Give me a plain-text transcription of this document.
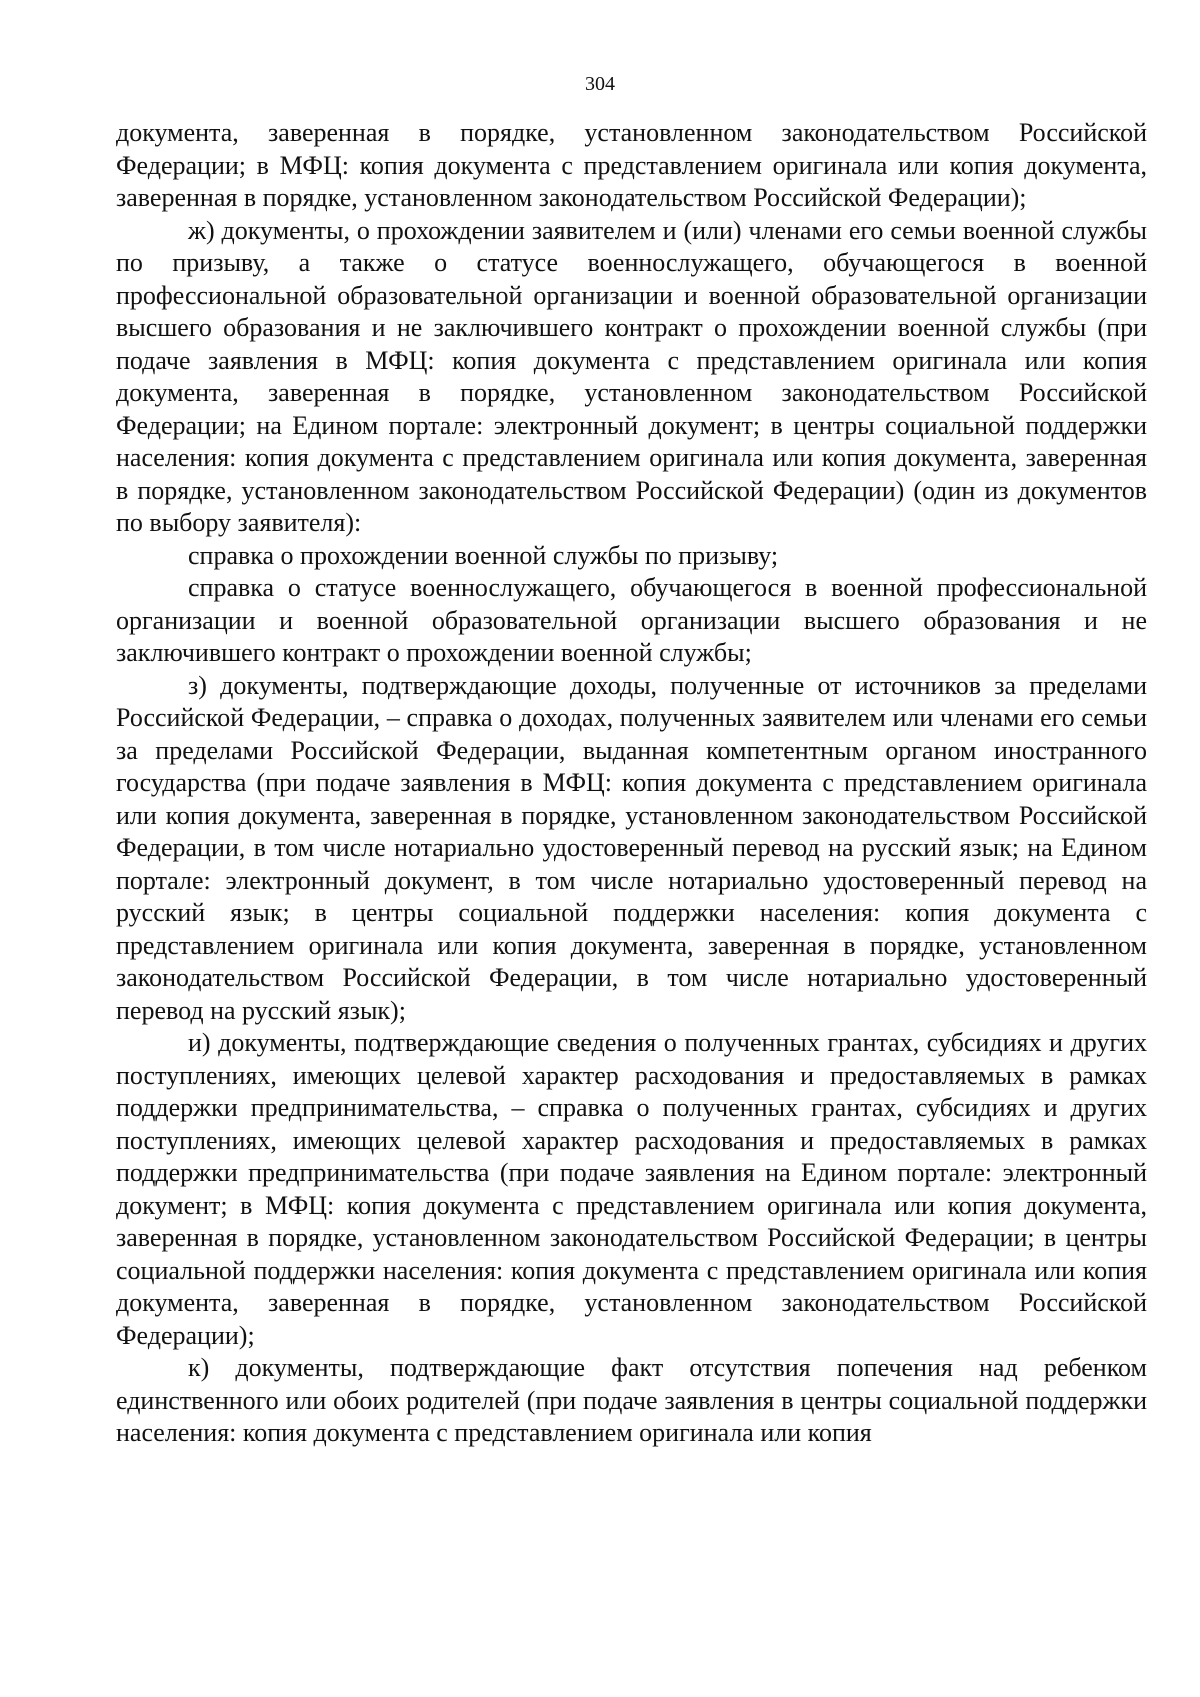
304

документа, заверенная в порядке, установленном законодательством Российской Федерации; в МФЦ: копия документа с представлением оригинала или копия документа, заверенная в порядке, установленном законодательством Российской Федерации);

ж) документы, о прохождении заявителем и (или) членами его семьи военной службы по призыву, а также о статусе военнослужащего, обучающегося в военной профессиональной образовательной организации и военной образовательной организации высшего образования и не заключившего контракт о прохождении военной службы (при подаче заявления в МФЦ: копия документа с представлением оригинала или копия документа, заверенная в порядке, установленном законодательством Российской Федерации; на Едином портале: электронный документ; в центры социальной поддержки населения: копия документа с представлением оригинала или копия документа, заверенная в порядке, установленном законодательством Российской Федерации) (один из документов по выбору заявителя):

справка о прохождении военной службы по призыву;

справка о статусе военнослужащего, обучающегося в военной профессиональной организации и военной образовательной организации высшего образования и не заключившего контракт о прохождении военной службы;

з) документы, подтверждающие доходы, полученные от источников за пределами Российской Федерации, – справка о доходах, полученных заявителем или членами его семьи за пределами Российской Федерации, выданная компетентным органом иностранного государства (при подаче заявления в МФЦ: копия документа с представлением оригинала или копия документа, заверенная в порядке, установленном законодательством Российской Федерации, в том числе нотариально удостоверенный перевод на русский язык; на Едином портале: электронный документ, в том числе нотариально удостоверенный перевод на русский язык; в центры социальной поддержки населения: копия документа с представлением оригинала или копия документа, заверенная в порядке, установленном законодательством Российской Федерации, в том числе нотариально удостоверенный перевод на русский язык);

и) документы, подтверждающие сведения о полученных грантах, субсидиях и других поступлениях, имеющих целевой характер расходования и предоставляемых в рамках поддержки предпринимательства, – справка о полученных грантах, субсидиях и других поступлениях, имеющих целевой характер расходования и предоставляемых в рамках поддержки предпринимательства (при подаче заявления на Едином портале: электронный документ; в МФЦ: копия документа с представлением оригинала или копия документа, заверенная в порядке, установленном законодательством Российской Федерации; в центры социальной поддержки населения: копия документа с представлением оригинала или копия документа, заверенная в порядке, установленном законодательством Российской Федерации);

к) документы, подтверждающие факт отсутствия попечения над ребенком единственного или обоих родителей (при подаче заявления в центры социальной поддержки населения: копия документа с представлением оригинала или копия
